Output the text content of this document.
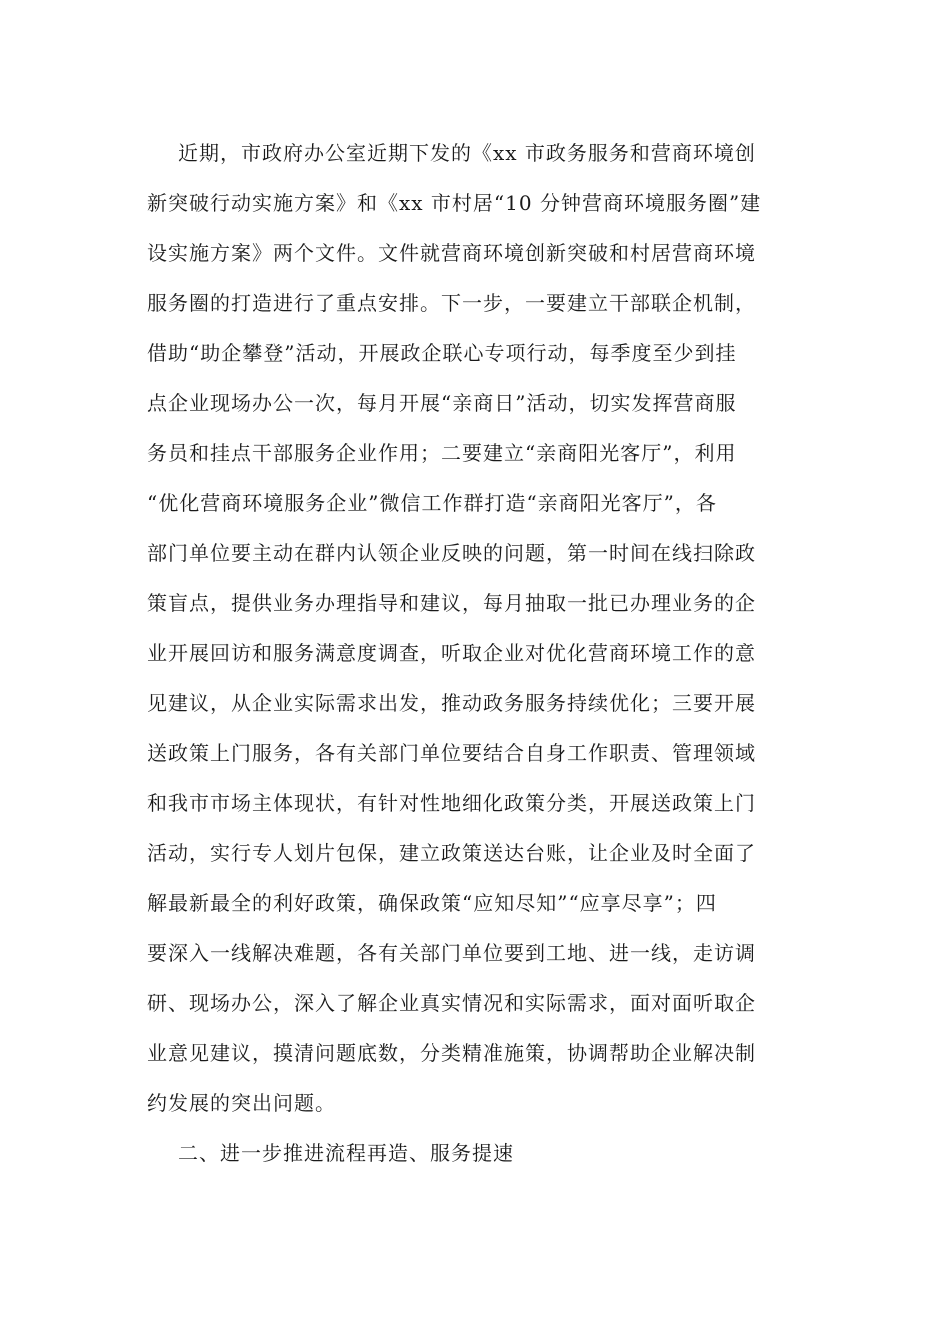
近期，市政府办公室近期下发的《xx 市政务服务和营商环境创
新突破行动实施方案》和《xx 市村居“10 分钟营商环境服务圈”建
设实施方案》两个文件。文件就营商环境创新突破和村居营商环境
服务圈的打造进行了重点安排。下一步，一要建立干部联企机制，
借助“助企攀登”活动，开展政企联心专项行动，每季度至少到挂
点企业现场办公一次，每月开展“亲商日”活动，切实发挥营商服
务员和挂点干部服务企业作用；二要建立“亲商阳光客厅”，利用
“优化营商环境服务企业”微信工作群打造“亲商阳光客厅”，各
部门单位要主动在群内认领企业反映的问题，第一时间在线扫除政
策盲点，提供业务办理指导和建议，每月抽取一批已办理业务的企
业开展回访和服务满意度调查，听取企业对优化营商环境工作的意
见建议，从企业实际需求出发，推动政务服务持续优化；三要开展
送政策上门服务，各有关部门单位要结合自身工作职责、管理领域
和我市市场主体现状，有针对性地细化政策分类，开展送政策上门
活动，实行专人划片包保，建立政策送达台账，让企业及时全面了
解最新最全的利好政策，确保政策“应知尽知”“应享尽享”；四
要深入一线解决难题，各有关部门单位要到工地、进一线，走访调
研、现场办公，深入了解企业真实情况和实际需求，面对面听取企
业意见建议，摸清问题底数，分类精准施策，协调帮助企业解决制
约发展的突出问题。
二、进一步推进流程再造、服务提速
